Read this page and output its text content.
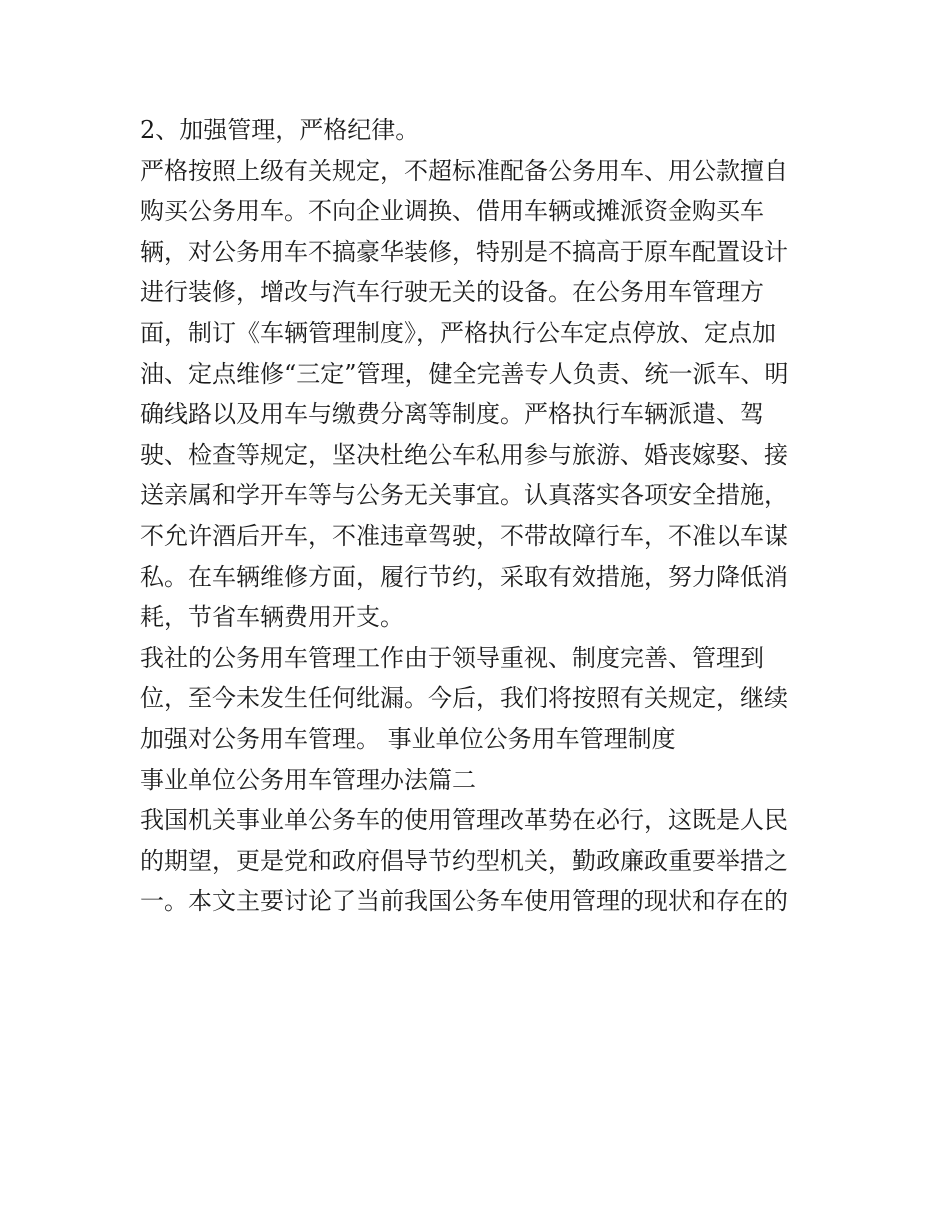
2、加强管理，严格纪律。
严格按照上级有关规定，不超标准配备公务用车、用公款擅自
购买公务用车。不向企业调换、借用车辆或摊派资金购买车
辆，对公务用车不搞豪华装修，特别是不搞高于原车配置设计
进行装修，增改与汽车行驶无关的设备。在公务用车管理方
面，制订《车辆管理制度》，严格执行公车定点停放、定点加
油、定点维修“三定”管理，健全完善专人负责、统一派车、明
确线路以及用车与缴费分离等制度。严格执行车辆派遣、驾
驶、检查等规定，坚决杜绝公车私用参与旅游、婚丧嫁娶、接
送亲属和学开车等与公务无关事宜。认真落实各项安全措施，
不允许酒后开车，不准违章驾驶，不带故障行车，不准以车谋
私。在车辆维修方面，履行节约，采取有效措施，努力降低消
耗，节省车辆费用开支。
我社的公务用车管理工作由于领导重视、制度完善、管理到
位，至今未发生任何纰漏。今后，我们将按照有关规定，继续
加强对公务用车管理。 事业单位公务用车管理制度
事业单位公务用车管理办法篇二
我国机关事业单公务车的使用管理改革势在必行，这既是人民
的期望，更是党和政府倡导节约型机关，勤政廉政重要举措之
一。本文主要讨论了当前我国公务车使用管理的现状和存在的
